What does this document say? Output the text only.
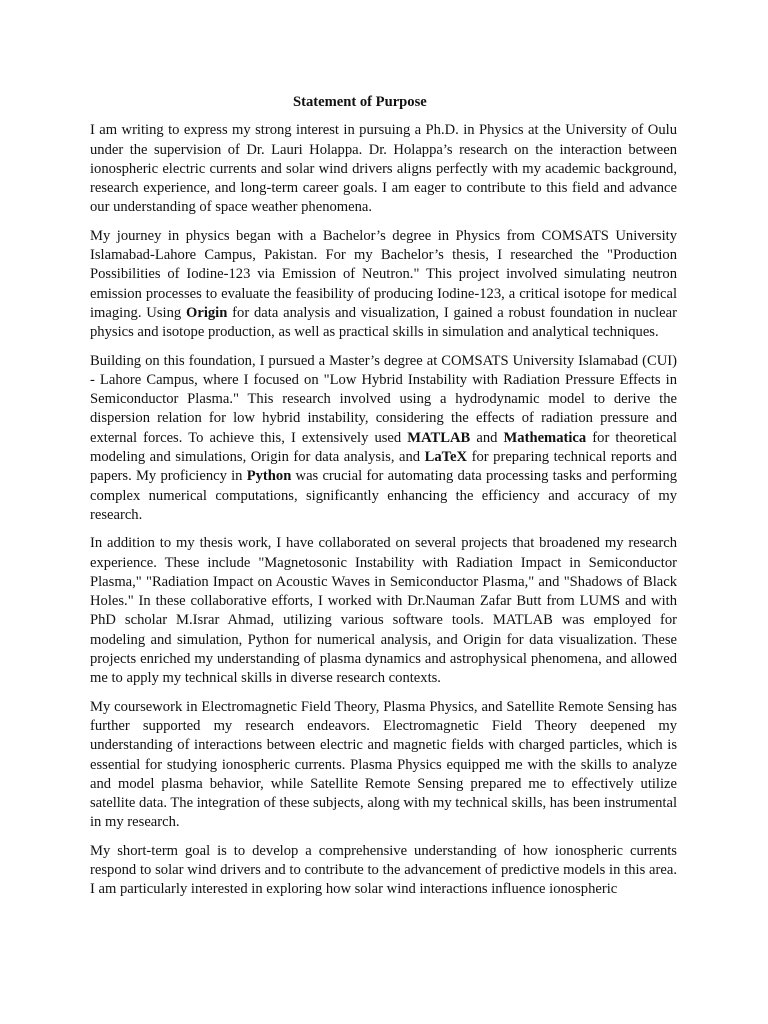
Statement of Purpose

I am writing to express my strong interest in pursuing a Ph.D. in Physics at the University of Oulu under the supervision of Dr. Lauri Holappa. Dr. Holappa’s research on the interaction between ionospheric electric currents and solar wind drivers aligns perfectly with my academic background, research experience, and long-term career goals. I am eager to contribute to this field and advance our understanding of space weather phenomena.

My journey in physics began with a Bachelor’s degree in Physics from COMSATS University Islamabad-Lahore Campus, Pakistan. For my Bachelor’s thesis, I researched the "Production Possibilities of Iodine-123 via Emission of Neutron." This project involved simulating neutron emission processes to evaluate the feasibility of producing Iodine-123, a critical isotope for medical imaging. Using Origin for data analysis and visualization, I gained a robust foundation in nuclear physics and isotope production, as well as practical skills in simulation and analytical techniques.

Building on this foundation, I pursued a Master’s degree at COMSATS University Islamabad (CUI) - Lahore Campus, where I focused on "Low Hybrid Instability with Radiation Pressure Effects in Semiconductor Plasma." This research involved using a hydrodynamic model to derive the dispersion relation for low hybrid instability, considering the effects of radiation pressure and external forces. To achieve this, I extensively used MATLAB and Mathematica for theoretical modeling and simulations, Origin for data analysis, and LaTeX for preparing technical reports and papers. My proficiency in Python was crucial for automating data processing tasks and performing complex numerical computations, significantly enhancing the efficiency and accuracy of my research.

In addition to my thesis work, I have collaborated on several projects that broadened my research experience. These include "Magnetosonic Instability with Radiation Impact in Semiconductor Plasma," "Radiation Impact on Acoustic Waves in Semiconductor Plasma," and "Shadows of Black Holes." In these collaborative efforts, I worked with Dr.Nauman Zafar Butt from LUMS and with PhD scholar M.Israr Ahmad, utilizing various software tools. MATLAB was employed for modeling and simulation, Python for numerical analysis, and Origin for data visualization. These projects enriched my understanding of plasma dynamics and astrophysical phenomena, and allowed me to apply my technical skills in diverse research contexts.

My coursework in Electromagnetic Field Theory, Plasma Physics, and Satellite Remote Sensing has further supported my research endeavors. Electromagnetic Field Theory deepened my understanding of interactions between electric and magnetic fields with charged particles, which is essential for studying ionospheric currents. Plasma Physics equipped me with the skills to analyze and model plasma behavior, while Satellite Remote Sensing prepared me to effectively utilize satellite data. The integration of these subjects, along with my technical skills, has been instrumental in my research.

My short-term goal is to develop a comprehensive understanding of how ionospheric currents respond to solar wind drivers and to contribute to the advancement of predictive models in this area. I am particularly interested in exploring how solar wind interactions influence ionospheric
